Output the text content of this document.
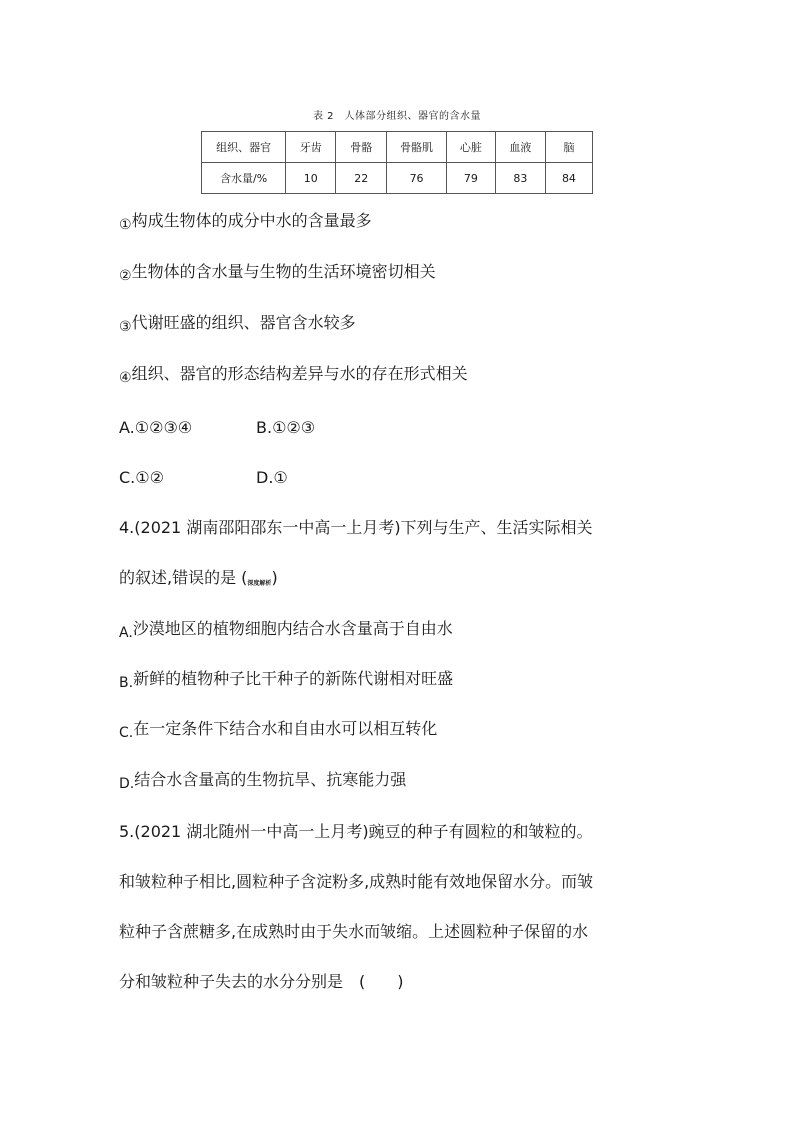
表 2　人体部分组织、器官的含水量
组织、器官	牙齿	骨骼	骨骼肌	心脏	血液	脑
含水量/%	10	22	76	79	83	84
①构成生物体的成分中水的含量最多
②生物体的含水量与生物的生活环境密切相关
③代谢旺盛的组织、器官含水较多
④组织、器官的形态结构差异与水的存在形式相关
A.①②③④	B.①②③
C.①②	D.①
4.(2021 湖南邵阳邵东一中高一上月考)下列与生产、生活实际相关
的叙述,错误的是 (深度解析)
A.沙漠地区的植物细胞内结合水含量高于自由水
B.新鲜的植物种子比干种子的新陈代谢相对旺盛
C.在一定条件下结合水和自由水可以相互转化
D.结合水含量高的生物抗旱、抗寒能力强
5.(2021 湖北随州一中高一上月考)豌豆的种子有圆粒的和皱粒的。
和皱粒种子相比,圆粒种子含淀粉多,成熟时能有效地保留水分。而皱
粒种子含蔗糖多,在成熟时由于失水而皱缩。上述圆粒种子保留的水
分和皱粒种子失去的水分分别是　(　　)
